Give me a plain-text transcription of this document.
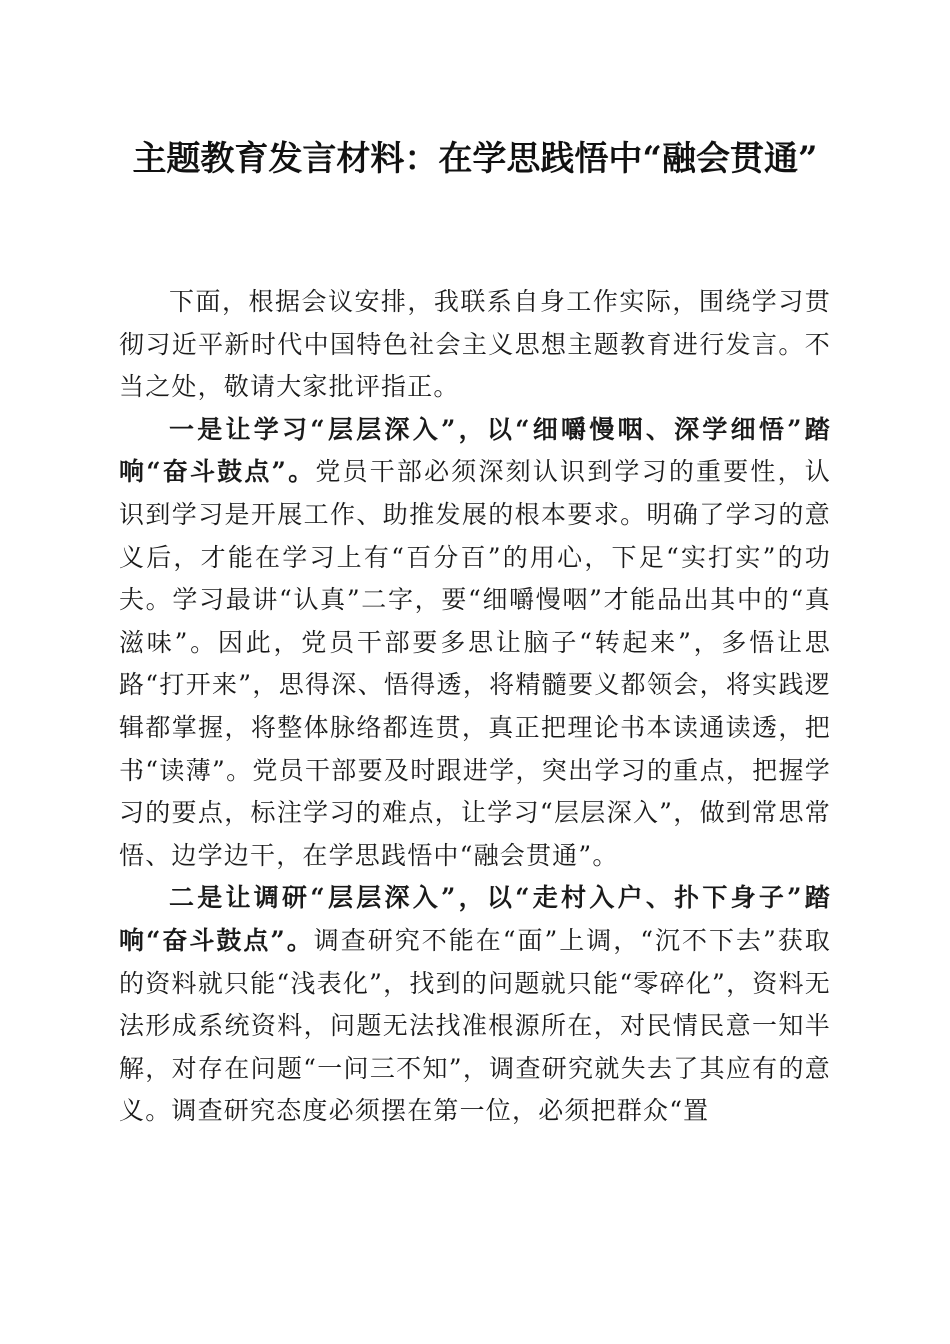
主题教育发言材料：在学思践悟中“融会贯通”

下面，根据会议安排，我联系自身工作实际，围绕学习贯彻习近平新时代中国特色社会主义思想主题教育进行发言。不当之处，敬请大家批评指正。

一是让学习“层层深入”，以“细嚼慢咽、深学细悟”踏响“奋斗鼓点”。党员干部必须深刻认识到学习的重要性，认识到学习是开展工作、助推发展的根本要求。明确了学习的意义后，才能在学习上有“百分百”的用心，下足“实打实”的功夫。学习最讲“认真”二字，要“细嚼慢咽”才能品出其中的“真滋味”。因此，党员干部要多思让脑子“转起来”，多悟让思路“打开来”，思得深、悟得透，将精髓要义都领会，将实践逻辑都掌握，将整体脉络都连贯，真正把理论书本读通读透，把书“读薄”。党员干部要及时跟进学，突出学习的重点，把握学习的要点，标注学习的难点，让学习“层层深入”，做到常思常悟、边学边干，在学思践悟中“融会贯通”。

二是让调研“层层深入”，以“走村入户、扑下身子”踏响“奋斗鼓点”。调查研究不能在“面”上调，“沉不下去”获取的资料就只能“浅表化”，找到的问题就只能“零碎化”，资料无法形成系统资料，问题无法找准根源所在，对民情民意一知半解，对存在问题“一问三不知”，调查研究就失去了其应有的意义。调查研究态度必须摆在第一位，必须把群众“置
